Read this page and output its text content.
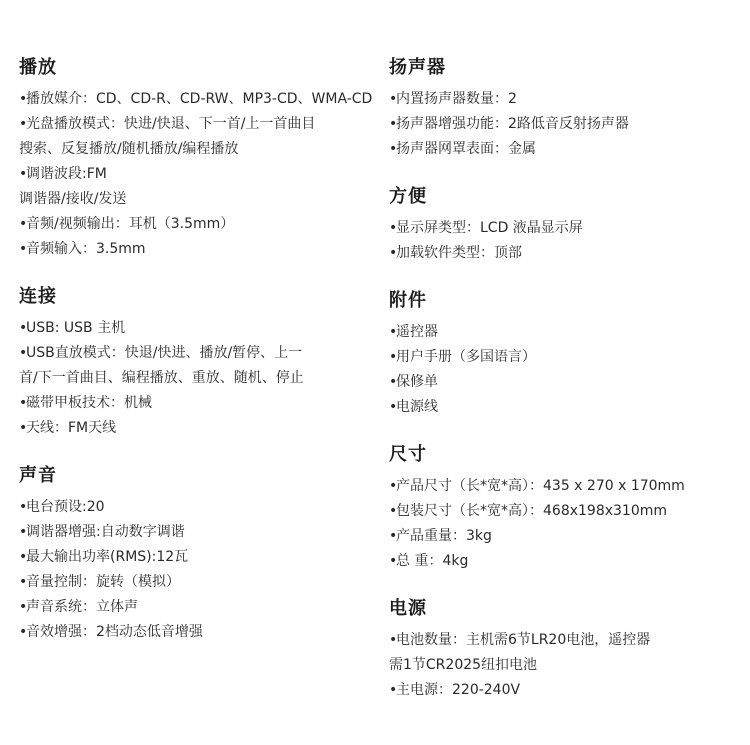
播放
•播放媒介：CD、CD-R、CD-RW、MP3-CD、WMA-CD
•光盘播放模式：快进/快退、下一首/上一首曲目
搜索、反复播放/随机播放/编程播放
•调谐波段:FM
调谐器/接收/发送
•音频/视频输出：耳机（3.5mm）
•音频输入：3.5mm
连接
•USB: USB 主机
•USB直放模式：快退/快进、播放/暂停、上一
首/下一首曲目、编程播放、重放、随机、停止
•磁带甲板技术：机械
•天线：FM天线
声音
•电台预设:20
•调谐器增强:自动数字调谐
•最大输出功率(RMS):12瓦
•音量控制：旋转（模拟）
•声音系统：立体声
•音效增强：2档动态低音增强
扬声器
•内置扬声器数量：2
•扬声器增强功能：2路低音反射扬声器
•扬声器网罩表面：金属
方便
•显示屏类型：LCD 液晶显示屏
•加载软件类型：顶部
附件
•遥控器
•用户手册（多国语言）
•保修单
•电源线
尺寸
•产品尺寸（长*宽*高）：435 x 270 x 170mm
•包装尺寸（长*宽*高）：468x198x310mm
•产品重量：3kg
•总 重：4kg
电源
•电池数量：主机需6节LR20电池，遥控器
需1节CR2025纽扣电池
•主电源：220-240V
